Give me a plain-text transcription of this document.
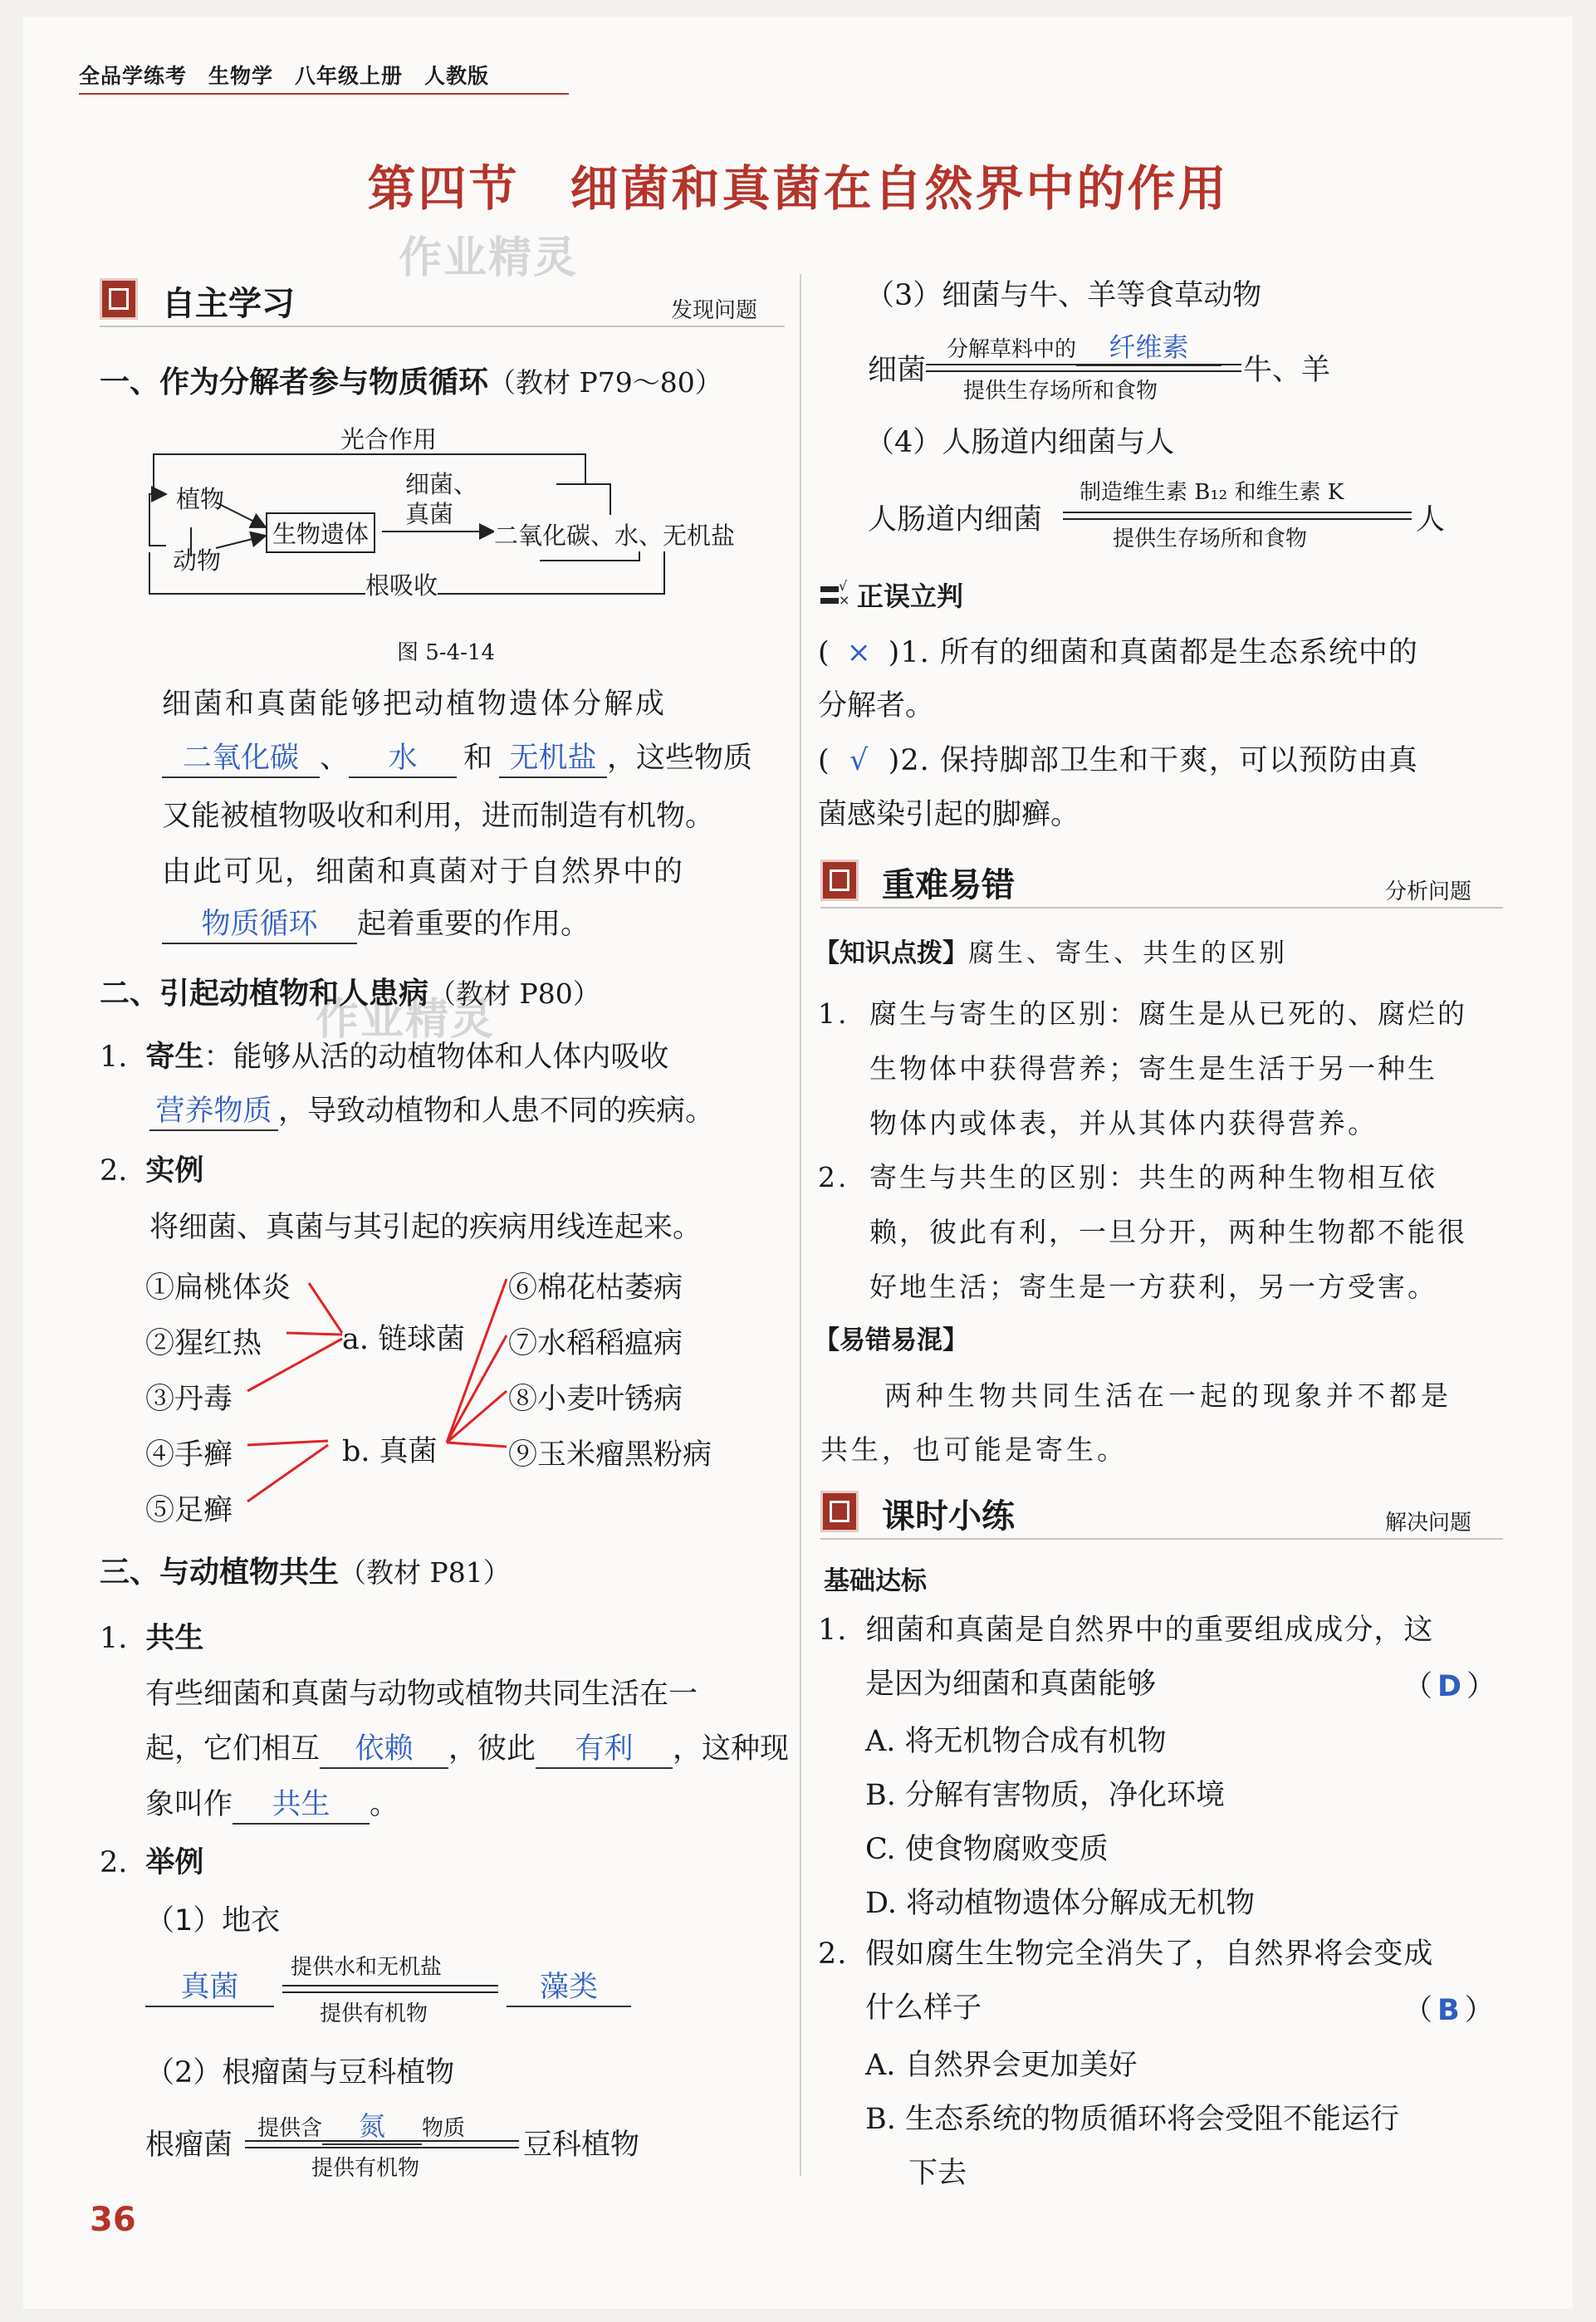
全品学练考 生物学 八年级上册 人教版
第四节　细菌和真菌在自然界中的作用
作业精灵
作业精灵
自主学习	发现问题
一、作为分解者参与物质循环（教材 P79～80）
光合作用
植物
动物
生物遗体
细菌、
真菌
二氧化碳、水、无机盐
根吸收
图 5-4-14
细菌和真菌能够把动植物遗体分解成
二氧化碳 、 水 和 无机盐 ，这些物质
又能被植物吸收和利用，进而制造有机物。
由此可见，细菌和真菌对于自然界中的
物质循环 起着重要的作用。
二、引起动植物和人患病（教材 P80）
1. 寄生：能够从活的动植物体和人体内吸收
营养物质 ，导致动植物和人患不同的疾病。
2. 实例
将细菌、真菌与其引起的疾病用线连起来。
①扁桃体炎
②猩红热
③丹毒
④手癣
⑤足癣
a. 链球菌
b. 真菌
⑥棉花枯萎病
⑦水稻稻瘟病
⑧小麦叶锈病
⑨玉米瘤黑粉病
三、与动植物共生（教材 P81）
1. 共生
有些细菌和真菌与动物或植物共同生活在一
起，它们相互 依赖 ，彼此 有利 ，这种现
象叫作 共生 。
2. 举例
（1）地衣
真菌
提供水和无机盐
提供有机物
藻类
（2）根瘤菌与豆科植物
根瘤菌 提供含 氮 物质
提供有机物
豆科植物
（3）细菌与牛、羊等食草动物
细菌
分解草料中的 纤维素
提供生存场所和食物
牛、羊
（4）人肠道内细菌与人
人肠道内细菌
制造维生素 B₁₂ 和维生素 K
提供生存场所和食物
人
√
× 正误立判
( × )1. 所有的细菌和真菌都是生态系统中的
分解者。
( √ )2. 保持脚部卫生和干爽，可以预防由真
菌感染引起的脚癣。
重难易错	分析问题
【知识点拨】腐生、寄生、共生的区别
1. 腐生与寄生的区别：腐生是从已死的、腐烂的
生物体中获得营养；寄生是生活于另一种生
物体内或体表，并从其体内获得营养。
2. 寄生与共生的区别：共生的两种生物相互依
赖，彼此有利，一旦分开，两种生物都不能很
好地生活；寄生是一方获利，另一方受害。
【易错易混】
两种生物共同生活在一起的现象并不都是
共生，也可能是寄生。
课时小练	解决问题
基础达标
1. 细菌和真菌是自然界中的重要组成成分，这
是因为细菌和真菌能够	（ D ）
A. 将无机物合成有机物
B. 分解有害物质，净化环境
C. 使食物腐败变质
D. 将动植物遗体分解成无机物
2. 假如腐生生物完全消失了，自然界将会变成
什么样子	（ B ）
A. 自然界会更加美好
B. 生态系统的物质循环将会受阻不能运行
下去
36
